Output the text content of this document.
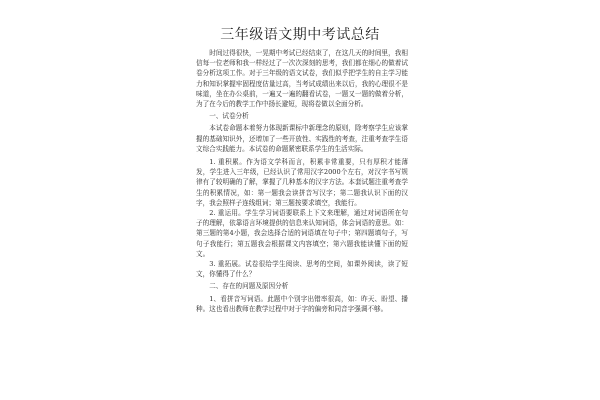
三年级语文期中考试总结

时间过得很快，一晃期中考试已经结束了，在这几天的时间里，我相信每一位老师和我一样经过了一次次深刻的思考，我们都在细心的做着试卷分析这项工作。对于三年级的语文试卷，我们似乎把学生的自主学习能力和知识掌握牢固程度估量过高，当考试成绩出来以后，我的心理很不是味道，坐在办公桌前，一遍又一遍的翻看试卷，一题又一题的做着分析，为了在今后的教学工作中扬长避短，现将卷做以全面分析。

一、试卷分析

本试卷命题本着努力体现新课标中新理念的原则，除考察学生应该掌握的基础知识外，还增加了一些开放性、实践性的考查，注重考查学生语文综合实践能力。本试卷的命题紧密联系学生的生活实际。

1. 重积累。作为语文学科而言，积累非常重要，只有厚积才能薄发，学生进入三年级，已经认识了常用汉字2000个左右，对汉字书写规律有了较明确的了解，掌握了几种基本的汉字方法。本套试题注重考查学生的积累情况，如：第一题我会读拼音写汉字；第二题我认识下面的汉字，我会照样子连线组词；第三题按要求填空，我能行。

2. 重运用。学生学习词语要联系上下文来理解，通过对词语所在句子的理解，依靠语言环境提供的信息来认知词语，体会词语的意思。如：第三题的第4小题，我会选择合适的词语填在句子中；第四题填句子，写句子我能行；第五题我会根据课文内容填空；第六题我能读懂下面的短文。

3. 重拓展。试卷很给学生阅读、思考的空间，如课外阅读，读了短文，你懂得了什么？

二、存在的问题及原因分析

1、看拼音写词语。此题中个别字出错率很高，如：昨天、盼望、播种。这也看出教师在教学过程中对于字的偏旁和同音字强调不够。
